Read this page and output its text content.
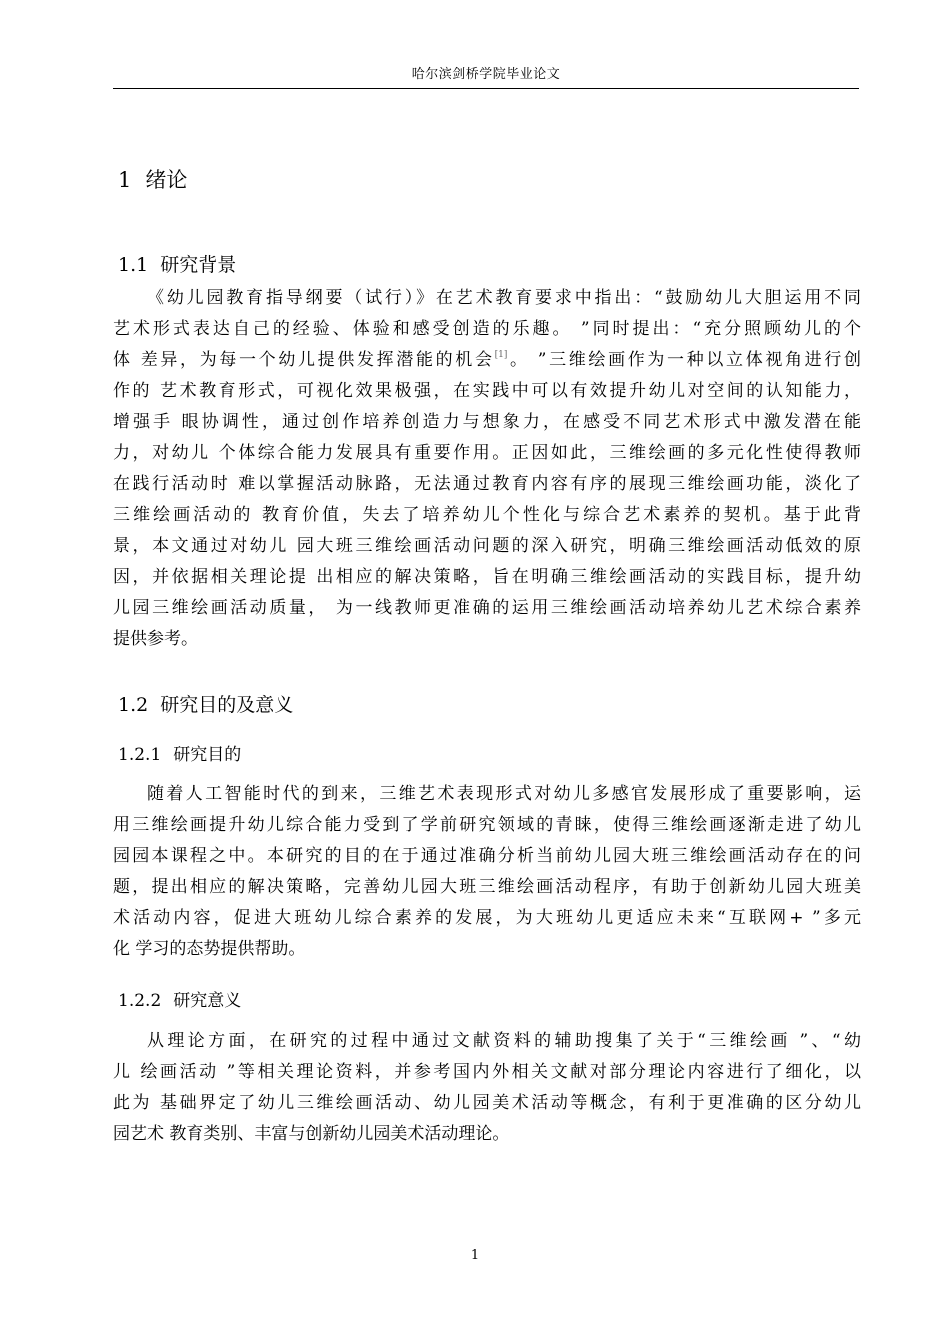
哈尔滨剑桥学院毕业论文
1 绪论
1.1 研究背景
《幼儿园教育指导纲要（试行）》在艺术教育要求中指出：“鼓励幼儿大胆运用不同
艺术形式表达自己的经验、体验和感受创造的乐趣。 ”同时提出：“充分照顾幼儿的个
体 差异，为每一个幼儿提供发挥潜能的机会[1]。 ”三维绘画作为一种以立体视角进行创
作的 艺术教育形式，可视化效果极强，在实践中可以有效提升幼儿对空间的认知能力，
增强手 眼协调性，通过创作培养创造力与想象力，在感受不同艺术形式中激发潜在能
力，对幼儿 个体综合能力发展具有重要作用。正因如此，三维绘画的多元化性使得教师
在践行活动时 难以掌握活动脉路，无法通过教育内容有序的展现三维绘画功能，淡化了
三维绘画活动的 教育价值，失去了培养幼儿个性化与综合艺术素养的契机。基于此背
景，本文通过对幼儿 园大班三维绘画活动问题的深入研究，明确三维绘画活动低效的原
因，并依据相关理论提 出相应的解决策略，旨在明确三维绘画活动的实践目标，提升幼
儿园三维绘画活动质量， 为一线教师更准确的运用三维绘画活动培养幼儿艺术综合素养
提供参考。
1.2 研究目的及意义
1.2.1 研究目的
随着人工智能时代的到来，三维艺术表现形式对幼儿多感官发展形成了重要影响，运
用三维绘画提升幼儿综合能力受到了学前研究领域的青睐，使得三维绘画逐渐走进了幼儿
园园本课程之中。本研究的目的在于通过准确分析当前幼儿园大班三维绘画活动存在的问
题，提出相应的解决策略，完善幼儿园大班三维绘画活动程序，有助于创新幼儿园大班美
术活动内容，促进大班幼儿综合素养的发展，为大班幼儿更适应未来“互联网+ ”多元
化 学习的态势提供帮助。
1.2.2 研究意义
从理论方面，在研究的过程中通过文献资料的辅助搜集了关于“三维绘画 ”、“幼
儿 绘画活动 ”等相关理论资料，并参考国内外相关文献对部分理论内容进行了细化，以
此为 基础界定了幼儿三维绘画活动、幼儿园美术活动等概念，有利于更准确的区分幼儿
园艺术 教育类别、丰富与创新幼儿园美术活动理论。
1
